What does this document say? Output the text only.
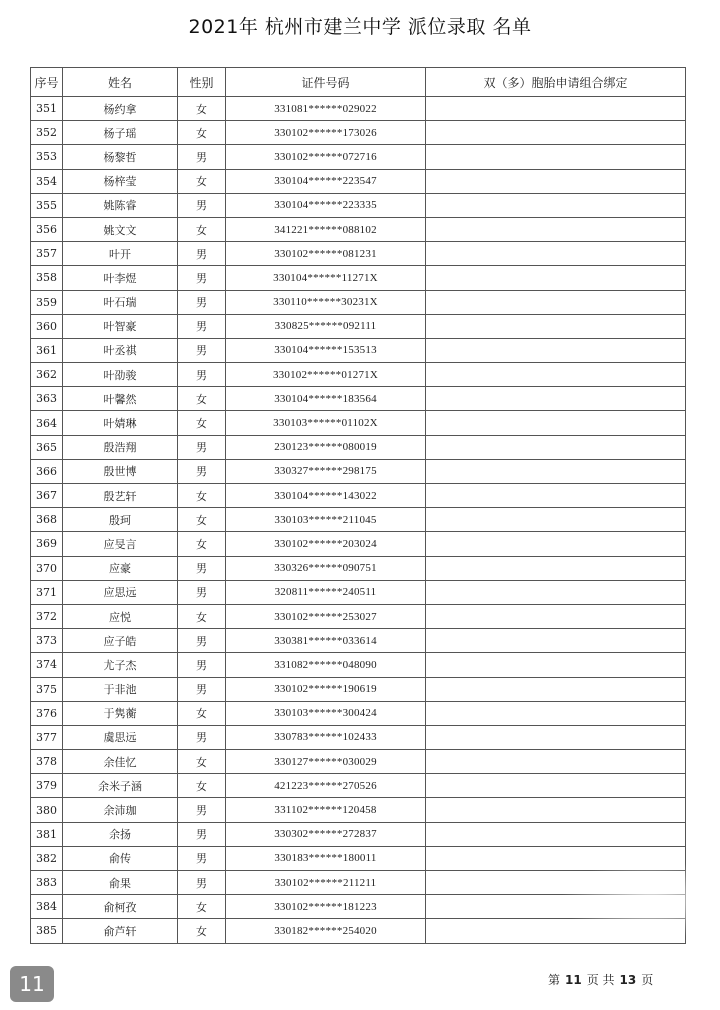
2021年 杭州市建兰中学 派位录取 名单
序号	姓名	性别	证件号码	双（多）胞胎申请组合绑定
351	杨约拿	女	331081******029022	
352	杨子瑶	女	330102******173026	
353	杨黎哲	男	330102******072716	
354	杨梓莹	女	330104******223547	
355	姚陈睿	男	330104******223335	
356	姚文文	女	341221******088102	
357	叶开	男	330102******081231	
358	叶李煜	男	330104******11271X	
359	叶石瑞	男	330110******30231X	
360	叶智豪	男	330825******092111	
361	叶丞祺	男	330104******153513	
362	叶劭骏	男	330102******01271X	
363	叶馨然	女	330104******183564	
364	叶婧琳	女	330103******01102X	
365	殷浩翔	男	230123******080019	
366	殷世博	男	330327******298175	
367	殷艺轩	女	330104******143022	
368	殷珂	女	330103******211045	
369	应旻言	女	330102******203024	
370	应豪	男	330326******090751	
371	应思远	男	320811******240511	
372	应悦	女	330102******253027	
373	应子皓	男	330381******033614	
374	尤子杰	男	331082******048090	
375	于非池	男	330102******190619	
376	于隽蘅	女	330103******300424	
377	虞思远	男	330783******102433	
378	余佳忆	女	330127******030029	
379	余米子涵	女	421223******270526	
380	余沛珈	男	331102******120458	
381	余扬	男	330302******272837	
382	俞传	男	330183******180011	
383	俞果	男	330102******211211	
384	俞柯孜	女	330102******181223	
385	俞芦轩	女	330182******254020	
11	第 11 页 共 13 页
